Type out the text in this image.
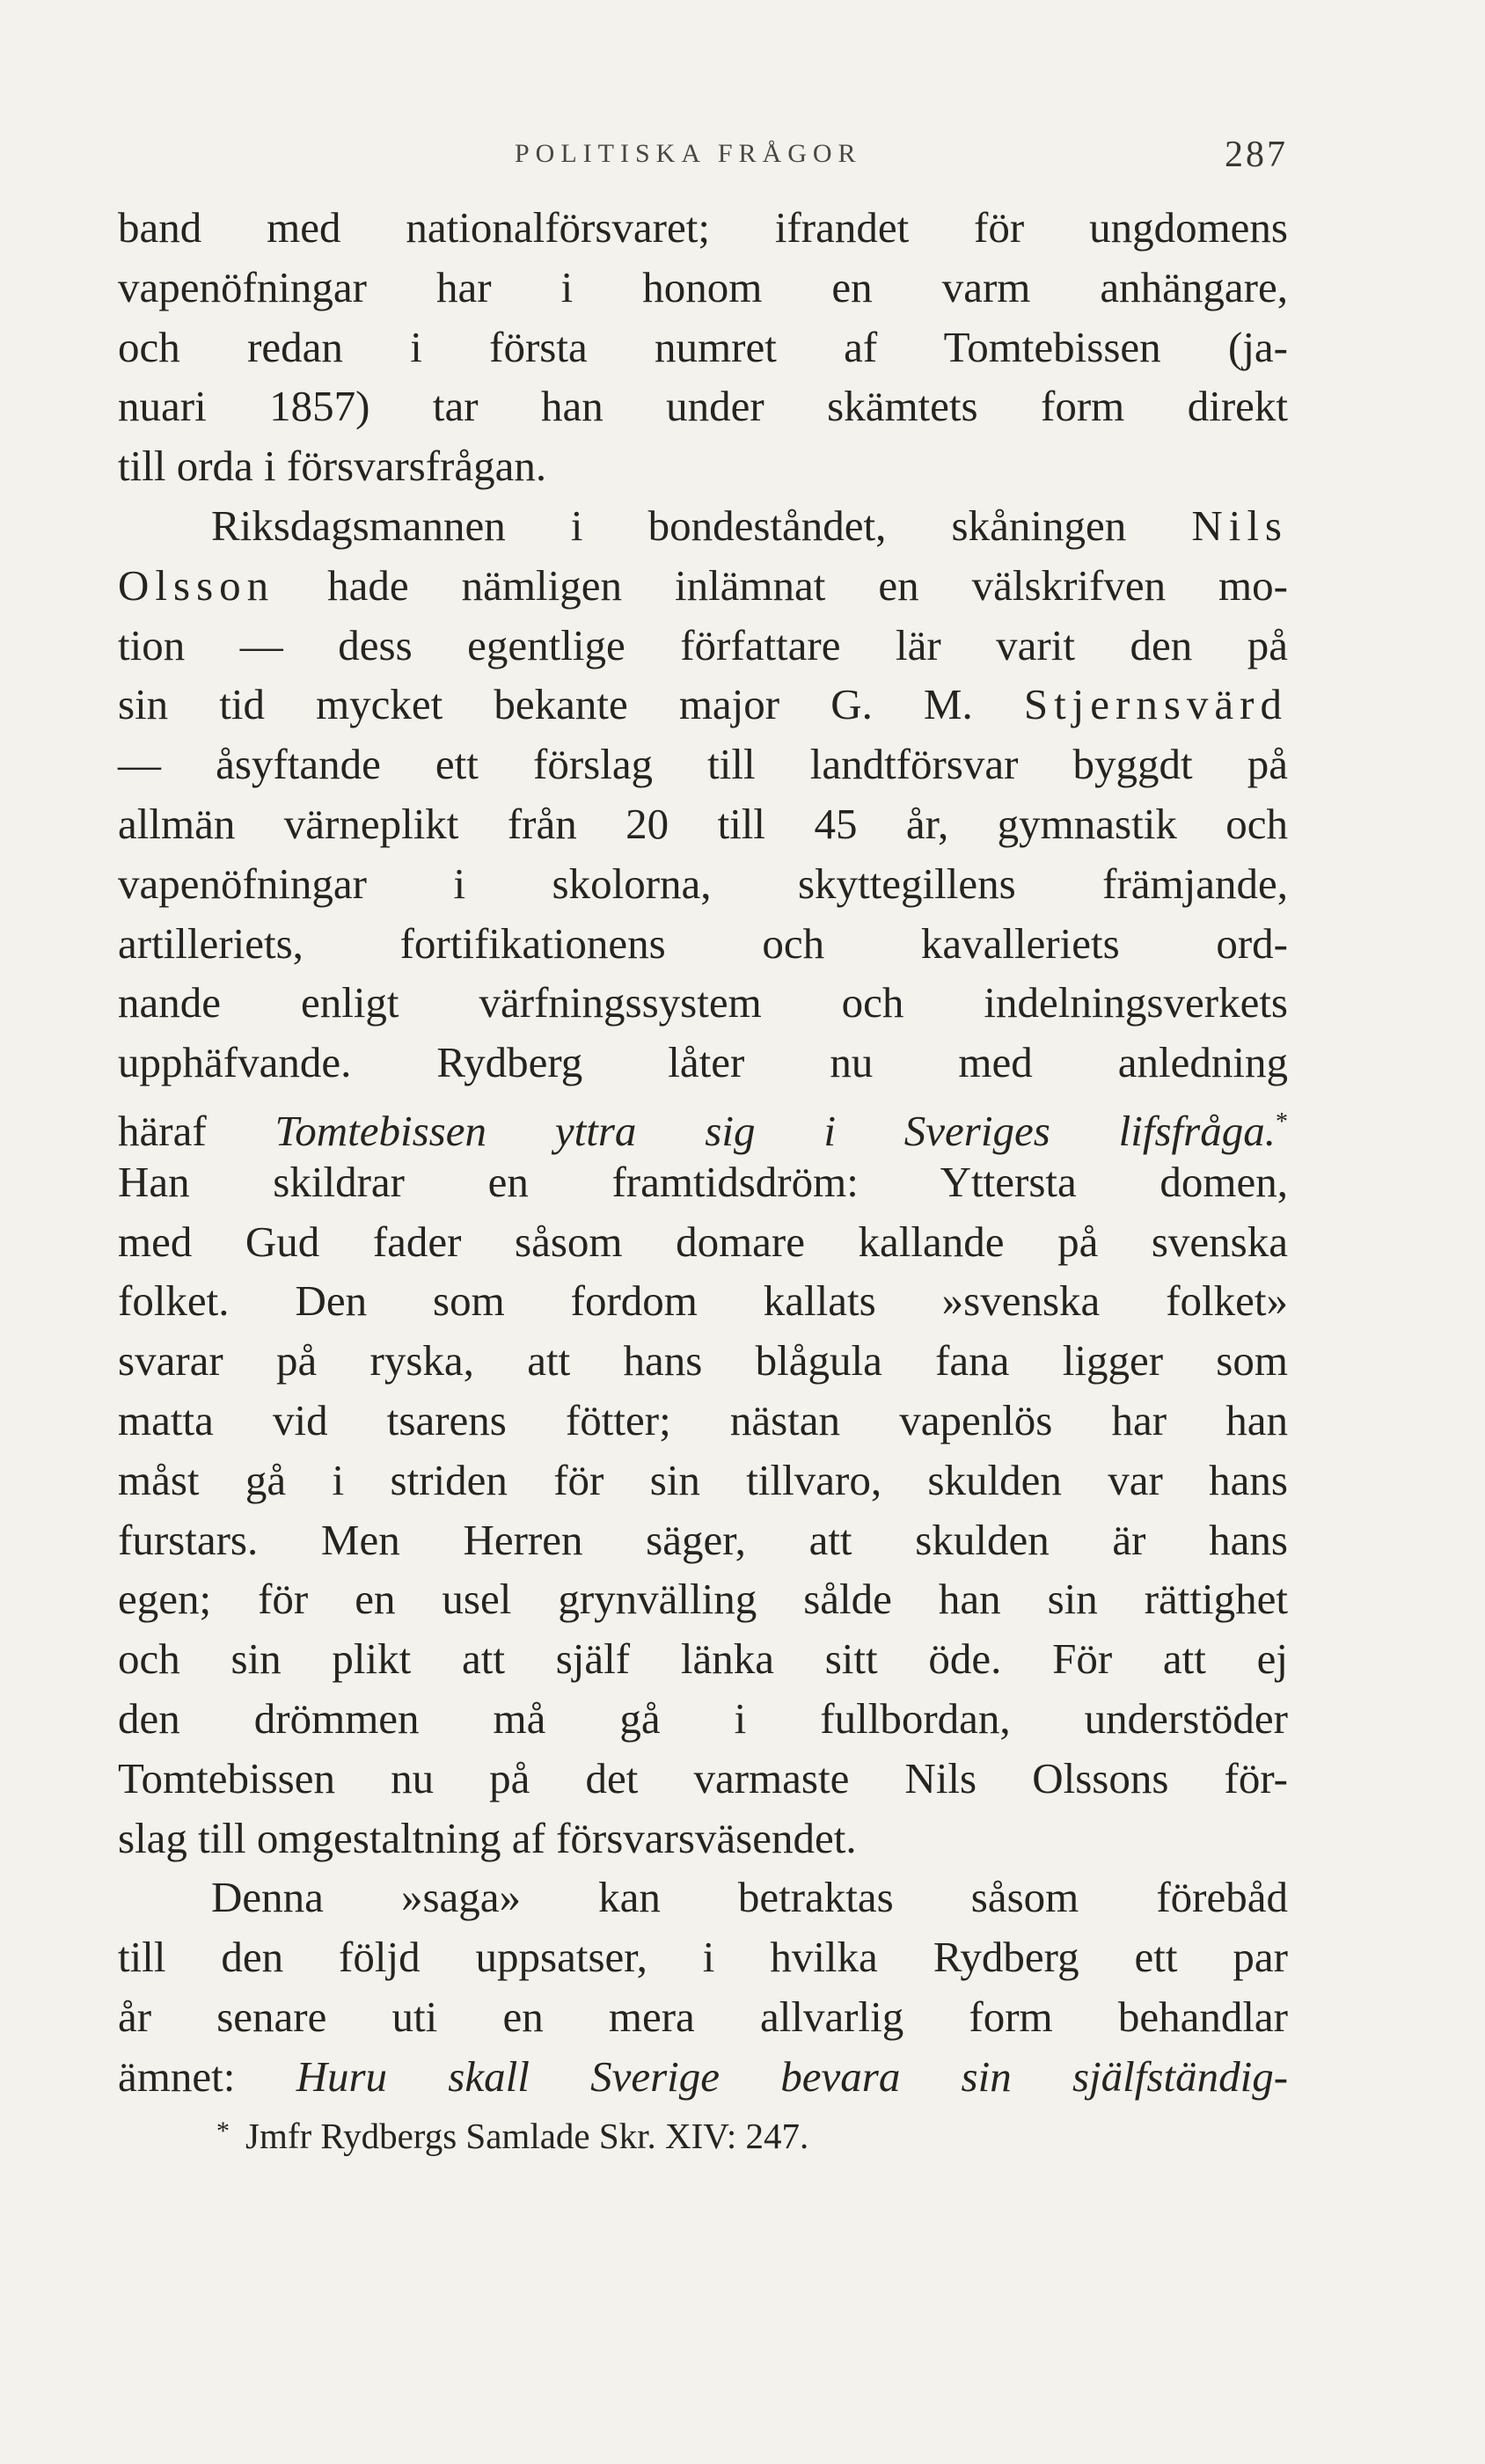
POLITISKA FRÅGOR	287
band med nationalförsvaret; ifrandet för ungdomens
vapenöfningar har i honom en varm anhängare,
och redan i första numret af Tomtebissen (ja-
nuari 1857) tar han under skämtets form direkt
till orda i försvarsfrågan.
Riksdagsmannen i bondeståndet, skåningen Nils
Olsson hade nämligen inlämnat en välskrifven mo-
tion — dess egentlige författare lär varit den på
sin tid mycket bekante major G. M. Stjernsvärd
— åsyftande ett förslag till landtförsvar byggdt på
allmän värneplikt från 20 till 45 år, gymnastik och
vapenöfningar i skolorna, skyttegillens främjande,
artilleriets, fortifikationens och kavalleriets ord-
nande enligt värfningssystem och indelningsverkets
upphäfvande. Rydberg låter nu med anledning
häraf Tomtebissen yttra sig i Sveriges lifsfråga.*
Han skildrar en framtidsdröm: Yttersta domen,
med Gud fader såsom domare kallande på svenska
folket. Den som fordom kallats »svenska folket»
svarar på ryska, att hans blågula fana ligger som
matta vid tsarens fötter; nästan vapenlös har han
måst gå i striden för sin tillvaro, skulden var hans
furstars. Men Herren säger, att skulden är hans
egen; för en usel grynvälling sålde han sin rättighet
och sin plikt att själf länka sitt öde. För att ej
den drömmen må gå i fullbordan, understöder
Tomtebissen nu på det varmaste Nils Olssons för-
slag till omgestaltning af försvarsväsendet.
Denna »saga» kan betraktas såsom förebåd
till den följd uppsatser, i hvilka Rydberg ett par
år senare uti en mera allvarlig form behandlar
ämnet: Huru skall Sverige bevara sin själfständig-
* Jmfr Rydbergs Samlade Skr. XIV: 247.
